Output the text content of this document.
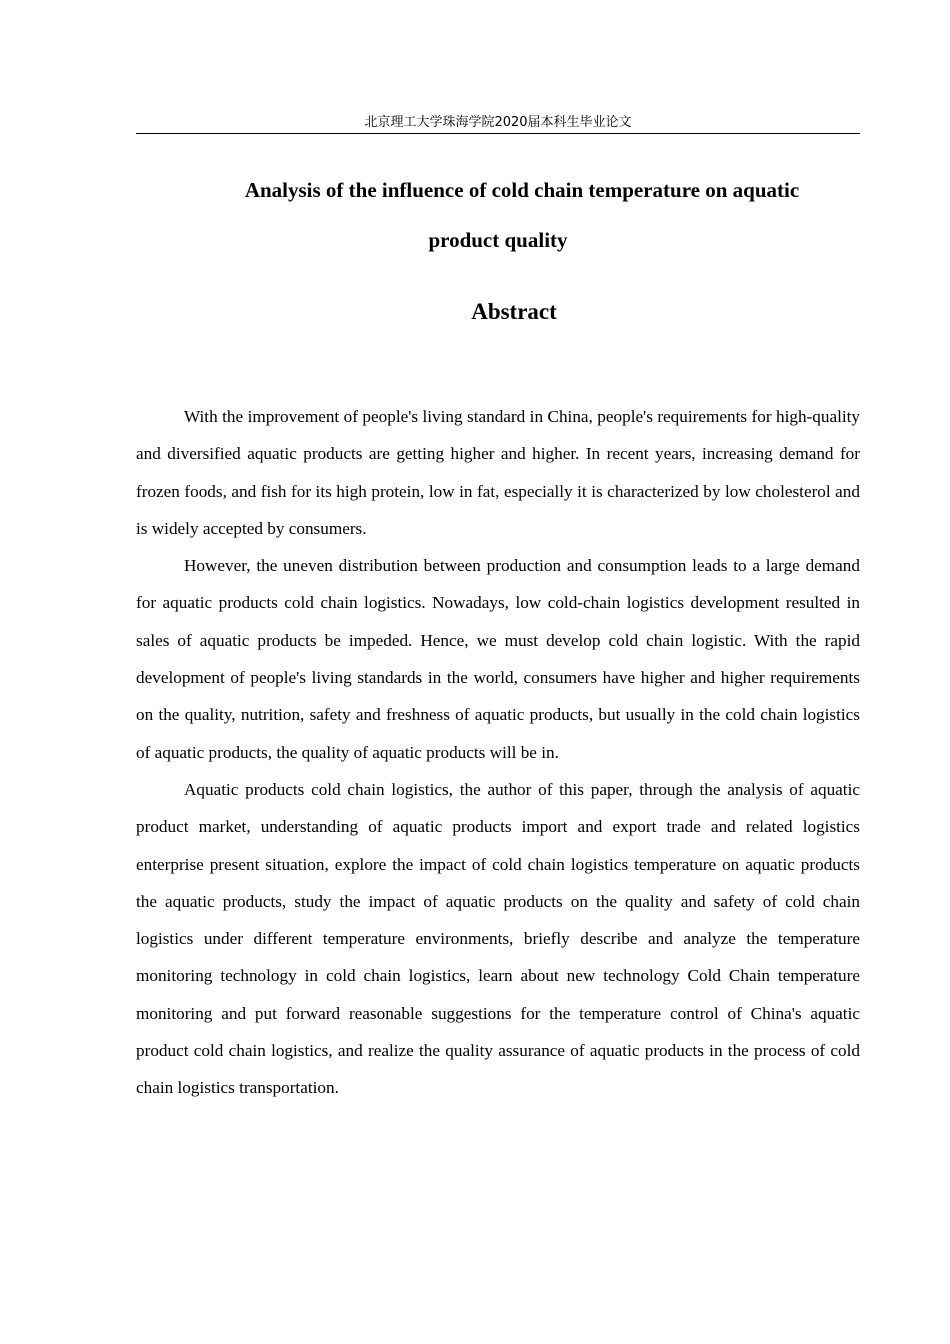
北京理工大学珠海学院2020届本科生毕业论文
Analysis of the influence of cold chain temperature on aquatic
product quality
Abstract

With the improvement of people's living standard in China, people's requirements for high-quality and diversified aquatic products are getting higher and higher. In recent years, increasing demand for frozen foods, and fish for its high protein, low in fat, especially it is characterized by low cholesterol and is widely accepted by consumers.

However, the uneven distribution between production and consumption leads to a large demand for aquatic products cold chain logistics. Nowadays, low cold-chain logistics development resulted in sales of aquatic products be impeded. Hence, we must develop cold chain logistic. With the rapid development of people's living standards in the world, consumers have higher and higher requirements on the quality, nutrition, safety and freshness of aquatic products, but usually in the cold chain logistics of aquatic products, the quality of aquatic products will be in.

Aquatic products cold chain logistics, the author of this paper, through the analysis of aquatic product market, understanding of aquatic products import and export trade and related logistics enterprise present situation, explore the impact of cold chain logistics temperature on aquatic products the aquatic products, study the impact of aquatic products on the quality and safety of cold chain logistics under different temperature environments, briefly describe and analyze the temperature monitoring technology in cold chain logistics, learn about new technology Cold Chain temperature monitoring and put forward reasonable suggestions for the temperature control of China's aquatic product cold chain logistics, and realize the quality assurance of aquatic products in the process of cold chain logistics transportation.
